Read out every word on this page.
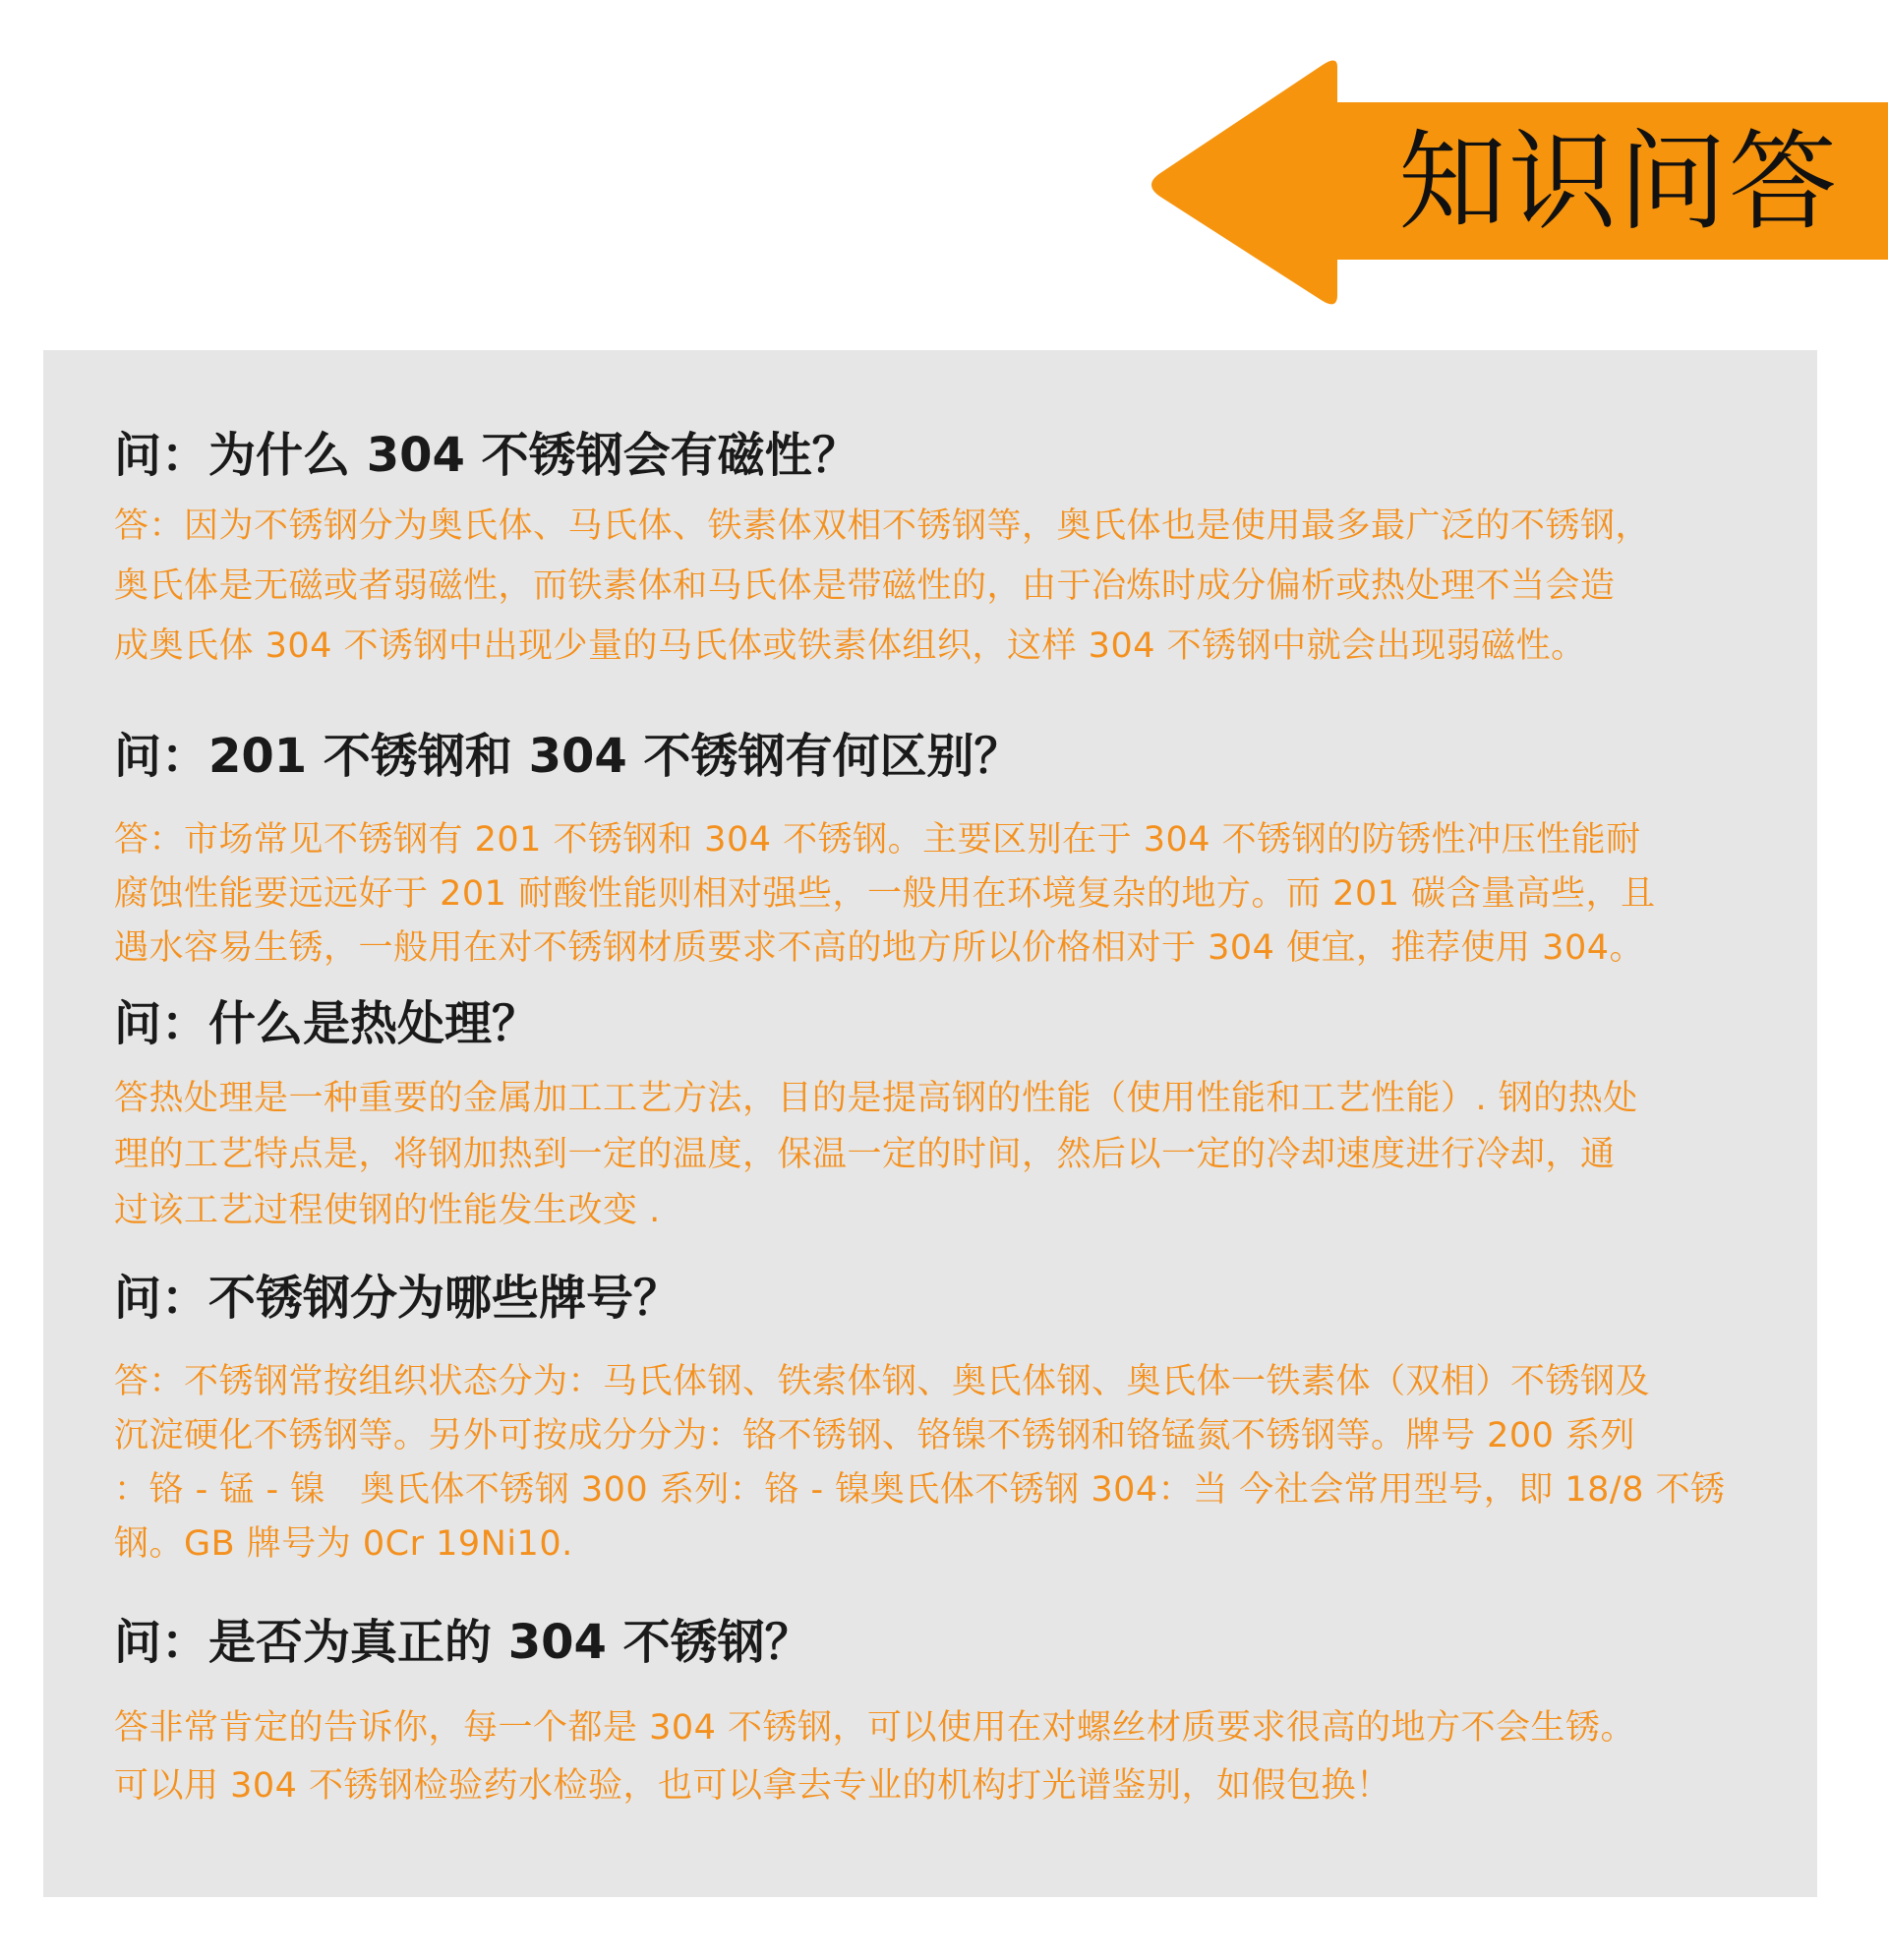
知识问答
问：为什么 304 不锈钢会有磁性？

答：因为不锈钢分为奥氏体、马氏体、铁素体双相不锈钢等，奥氏体也是使用最多最广泛的不锈钢，
奥氏体是无磁或者弱磁性，而铁素体和马氏体是带磁性的，由于冶炼时成分偏析或热处理不当会造
成奥氏体 304 不诱钢中出现少量的马氏体或铁素体组织，这样 304 不锈钢中就会出现弱磁性。

问：201 不锈钢和 304 不锈钢有何区别？

答：市场常见不锈钢有 201 不锈钢和 304 不锈钢。主要区别在于 304 不锈钢的防锈性冲压性能耐
腐蚀性能要远远好于 201 耐酸性能则相对强些，一般用在环境复杂的地方。而 201 碳含量高些，且
遇水容易生锈，一般用在对不锈钢材质要求不高的地方所以价格相对于 304 便宜，推荐使用 304。

问：什么是热处理？

答热处理是一种重要的金属加工工艺方法，目的是提高钢的性能（使用性能和工艺性能）. 钢的热处
理的工艺特点是，将钢加热到一定的温度，保温一定的时间，然后以一定的冷却速度进行冷却，通
过该工艺过程使钢的性能发生改变 .

问：不锈钢分为哪些牌号？

答：不锈钢常按组织状态分为：马氏体钢、铁索体钢、奥氏体钢、奥氏体一铁素体（双相）不锈钢及
沉淀硬化不锈钢等。另外可按成分分为：铬不锈钢、铬镍不锈钢和铬锰氮不锈钢等。牌号 200 系列
：铬 - 锰 - 镍　奥氏体不锈钢 300 系列：铬 - 镍奥氏体不锈钢 304：当 今社会常用型号，即 18/8 不锈
钢。GB 牌号为 0Cr 19Ni10.

问：是否为真正的 304 不锈钢？

答非常肯定的告诉你，每一个都是 304 不锈钢，可以使用在对螺丝材质要求很高的地方不会生锈。
可以用 304 不锈钢检验药水检验，也可以拿去专业的机构打光谱鉴别，如假包换！
